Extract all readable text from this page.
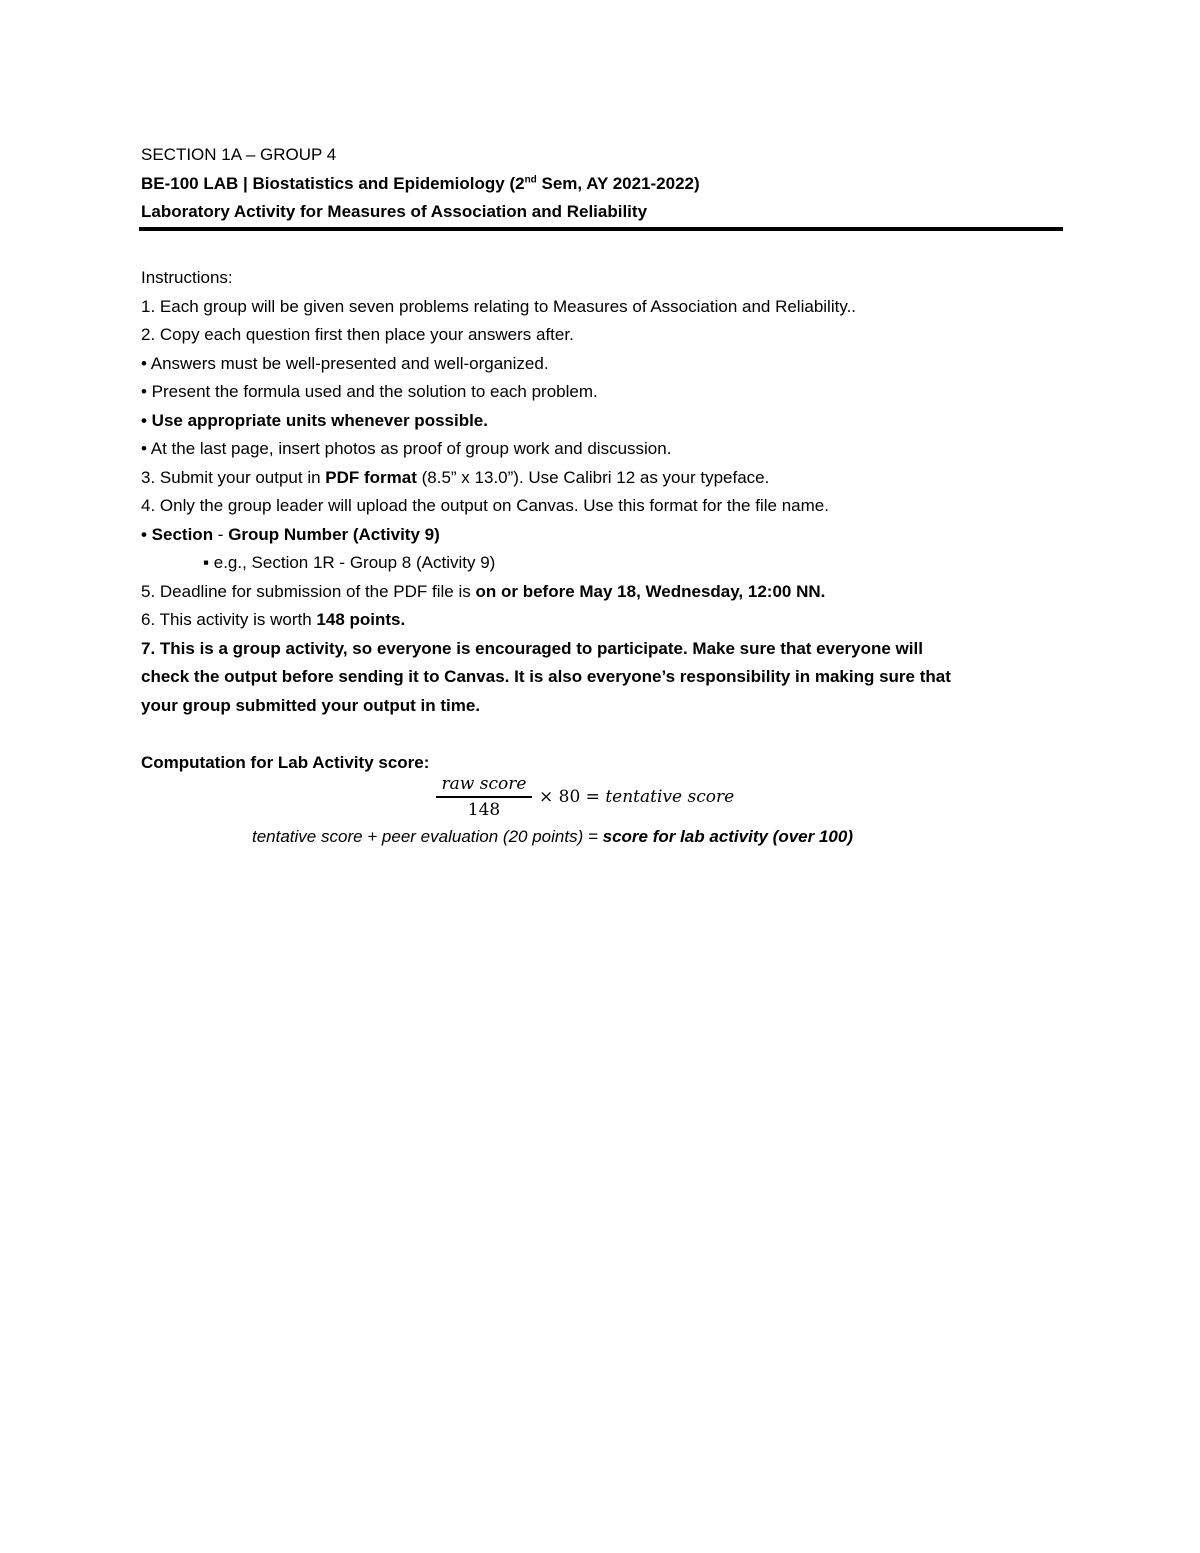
SECTION 1A – GROUP 4
BE-100 LAB | Biostatistics and Epidemiology (2nd Sem, AY 2021-2022)
Laboratory Activity for Measures of Association and Reliability
Instructions:
1. Each group will be given seven problems relating to Measures of Association and Reliability..
2. Copy each question first then place your answers after.
• Answers must be well-presented and well-organized.
• Present the formula used and the solution to each problem.
• Use appropriate units whenever possible.
• At the last page, insert photos as proof of group work and discussion.
3. Submit your output in PDF format (8.5” x 13.0”). Use Calibri 12 as your typeface.
4. Only the group leader will upload the output on Canvas. Use this format for the file name.
• Section - Group Number (Activity 9)
▪ e.g., Section 1R - Group 8 (Activity 9)
5. Deadline for submission of the PDF file is on or before May 18, Wednesday, 12:00 NN.
6. This activity is worth 148 points.
7. This is a group activity, so everyone is encouraged to participate. Make sure that everyone will
check the output before sending it to Canvas. It is also everyone’s responsibility in making sure that
your group submitted your output in time.
Computation for Lab Activity score:
raw score
148
× 80 = tentative score
tentative score + peer evaluation (20 points) = score for lab activity (over 100)
